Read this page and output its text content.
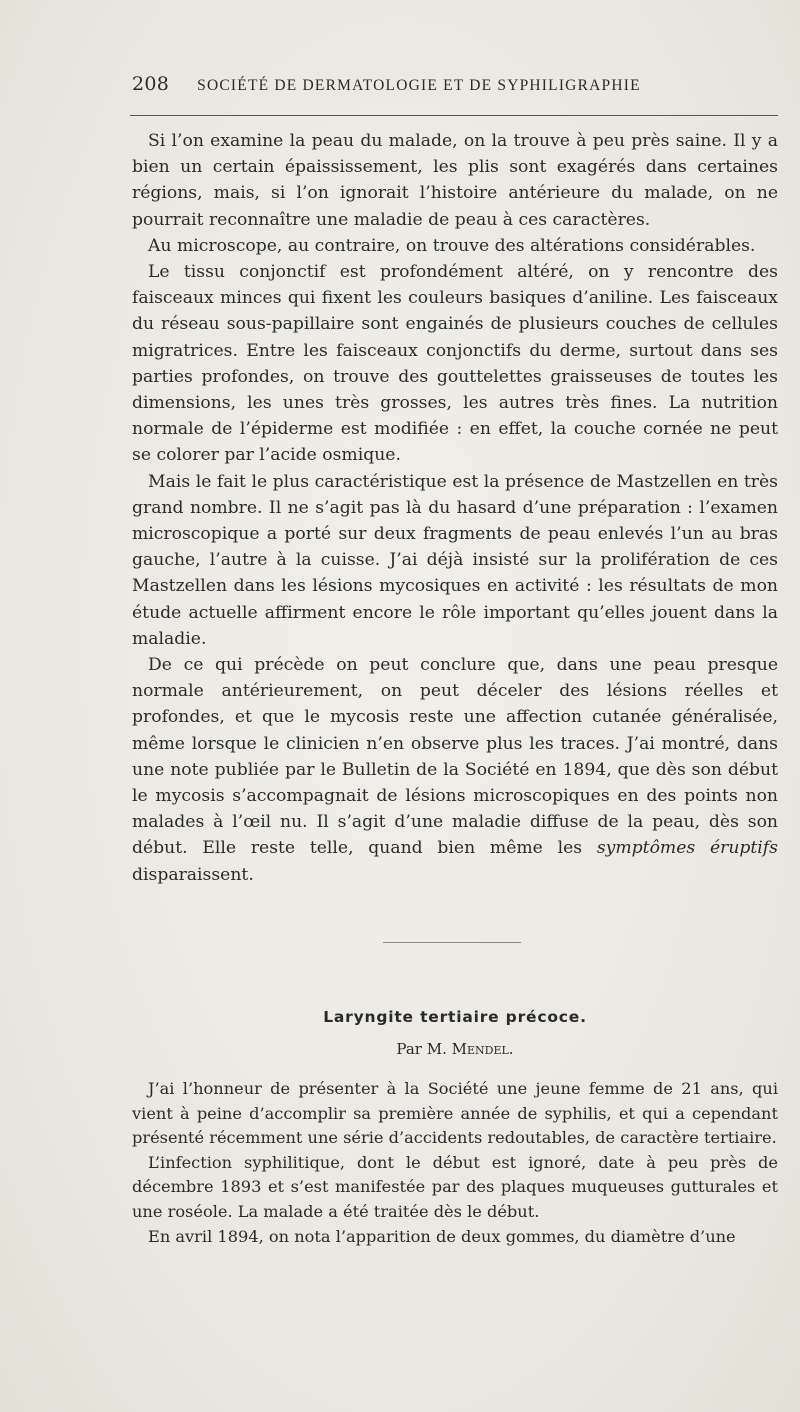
208 SOCIÉTÉ DE DERMATOLOGIE ET DE SYPHILIGRAPHIE

Si l’on examine la peau du malade, on la trouve à peu près saine. Il y a bien un certain épaississement, les plis sont exagérés dans certaines régions, mais, si l’on ignorait l’histoire antérieure du malade, on ne pourrait reconnaître une maladie de peau à ces caractères.

Au microscope, au contraire, on trouve des altérations considérables.

Le tissu conjonctif est profondément altéré, on y rencontre des faisceaux minces qui fixent les couleurs basiques d’aniline. Les faisceaux du réseau sous-papillaire sont engainés de plusieurs couches de cellules migratrices. Entre les faisceaux conjonctifs du derme, surtout dans ses parties profondes, on trouve des gouttelettes graisseuses de toutes les dimensions, les unes très grosses, les autres très fines. La nutrition normale de l’épiderme est modifiée : en effet, la couche cornée ne peut se colorer par l’acide osmique.

Mais le fait le plus caractéristique est la présence de Mastzellen en très grand nombre. Il ne s’agit pas là du hasard d’une préparation : l’examen microscopique a porté sur deux fragments de peau enlevés l’un au bras gauche, l’autre à la cuisse. J’ai déjà insisté sur la prolifération de ces Mastzellen dans les lésions mycosiques en activité : les résultats de mon étude actuelle affirment encore le rôle important qu’elles jouent dans la maladie.

De ce qui précède on peut conclure que, dans une peau presque normale antérieurement, on peut déceler des lésions réelles et profondes, et que le mycosis reste une affection cutanée généralisée, même lorsque le clinicien n’en observe plus les traces. J’ai montré, dans une note publiée par le Bulletin de la Société en 1894, que dès son début le mycosis s’accompagnait de lésions microscopiques en des points non malades à l’œil nu. Il s’agit d’une maladie diffuse de la peau, dès son début. Elle reste telle, quand bien même les symptômes éruptifs disparaissent.

Laryngite tertiaire précoce.
Par M. Mendel.

J’ai l’honneur de présenter à la Société une jeune femme de 21 ans, qui vient à peine d’accomplir sa première année de syphilis, et qui a cependant présenté récemment une série d’accidents redoutables, de caractère tertiaire.

L’infection syphilitique, dont le début est ignoré, date à peu près de décembre 1893 et s’est manifestée par des plaques muqueuses gutturales et une roséole. La malade a été traitée dès le début.

En avril 1894, on nota l’apparition de deux gommes, du diamètre d’une
